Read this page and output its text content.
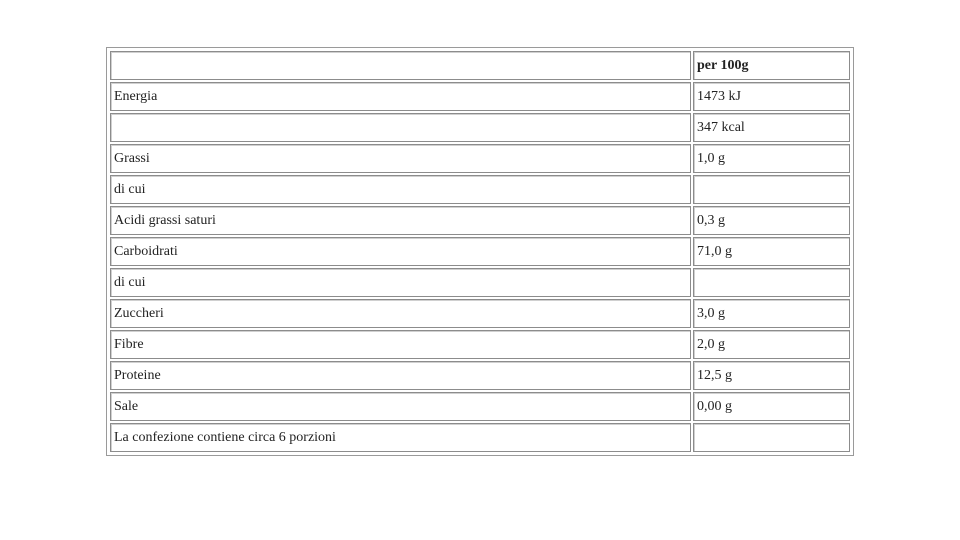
	per 100g
Energia	1473 kJ
	347 kcal
Grassi	1,0 g
di cui	
Acidi grassi saturi	0,3 g
Carboidrati	71,0 g
di cui	
Zuccheri	3,0 g
Fibre	2,0 g
Proteine	12,5 g
Sale	0,00 g
La confezione contiene circa 6 porzioni	
